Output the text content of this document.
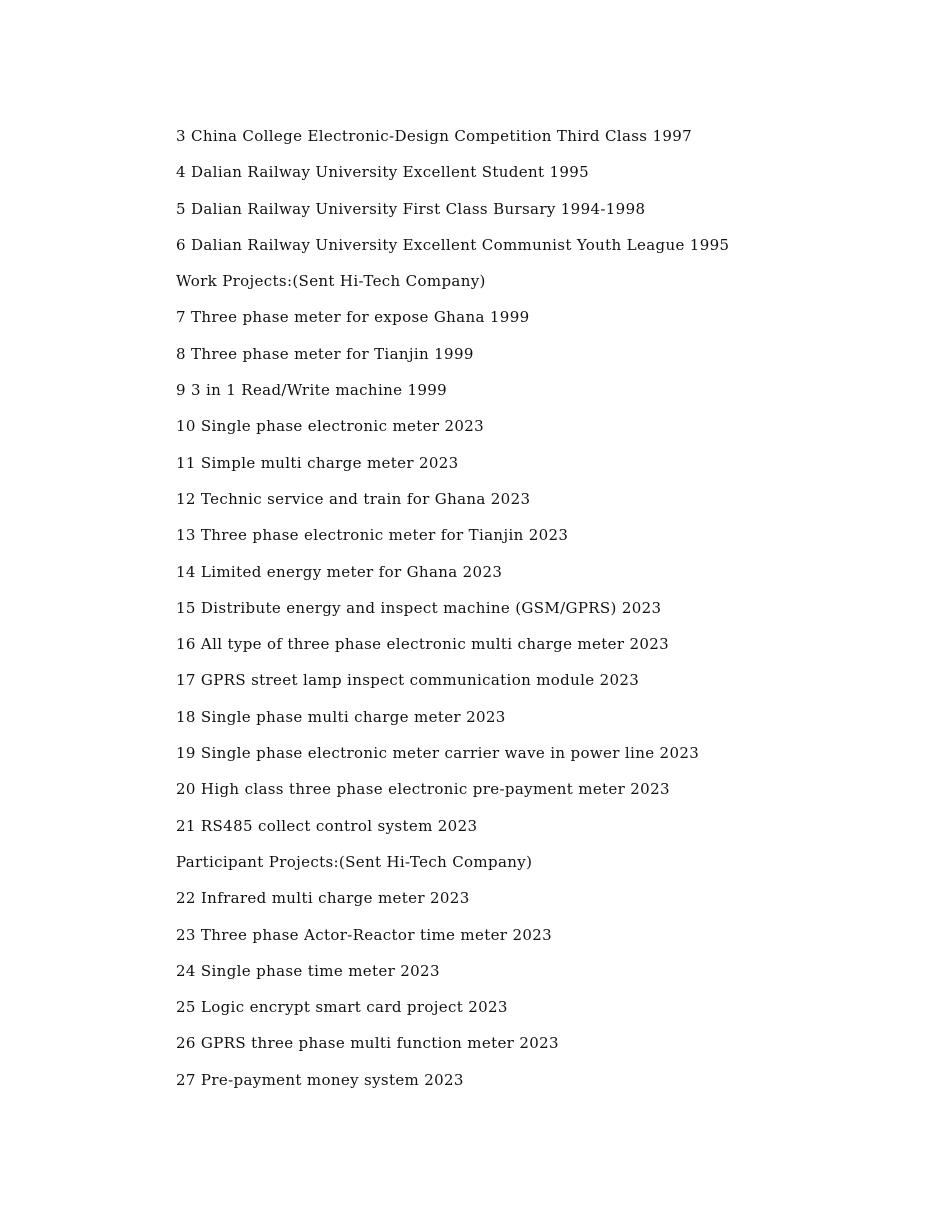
3 China College Electronic-Design Competition Third Class 1997
4 Dalian Railway University Excellent Student 1995
5 Dalian Railway University First Class Bursary 1994-1998
6 Dalian Railway University Excellent Communist Youth League 1995
Work Projects:(Sent Hi-Tech Company)
7 Three phase meter for expose Ghana 1999
8 Three phase meter for Tianjin 1999
9 3 in 1 Read/Write machine 1999
10 Single phase electronic meter 2023
11 Simple multi charge meter 2023
12 Technic service and train for Ghana 2023
13 Three phase electronic meter for Tianjin 2023
14 Limited energy meter for Ghana 2023
15 Distribute energy and inspect machine (GSM/GPRS) 2023
16 All type of three phase electronic multi charge meter 2023
17 GPRS street lamp inspect communication module 2023
18 Single phase multi charge meter 2023
19 Single phase electronic meter carrier wave in power line 2023
20 High class three phase electronic pre-payment meter 2023
21 RS485 collect control system 2023
Participant Projects:(Sent Hi-Tech Company)
22 Infrared multi charge meter 2023
23 Three phase Actor-Reactor time meter 2023
24 Single phase time meter 2023
25 Logic encrypt smart card project 2023
26 GPRS three phase multi function meter 2023
27 Pre-payment money system 2023
